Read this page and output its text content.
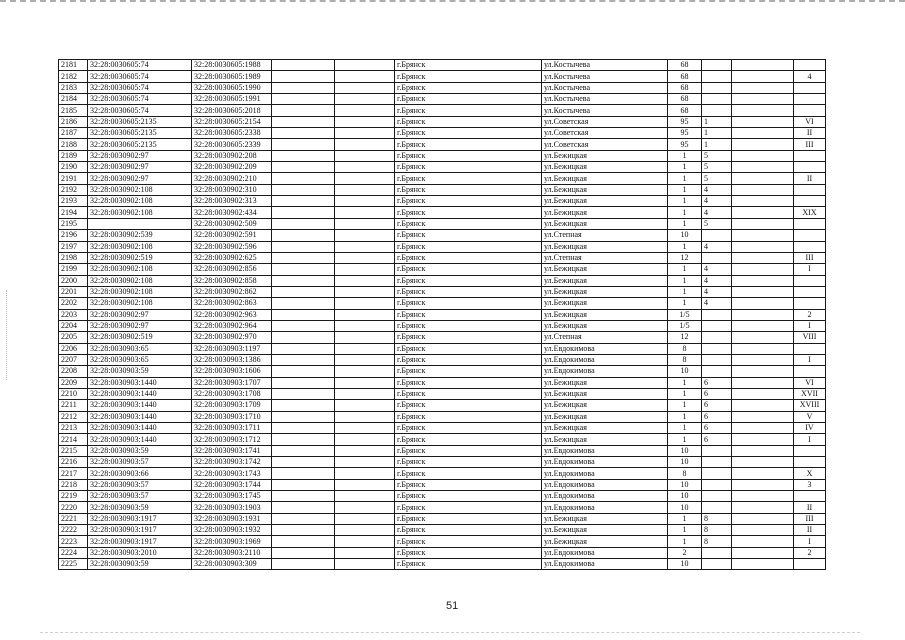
2181	32:28:0030605:74	32:28:0030605:1988			г.Брянск	ул.Костычева	68			
2182	32:28:0030605:74	32:28:0030605:1989			г.Брянск	ул.Костычева	68			4
2183	32:28:0030605:74	32:28:0030605:1990			г.Брянск	ул.Костычева	68			
2184	32:28:0030605:74	32:28:0030605:1991			г.Брянск	ул.Костычева	68			
2185	32:28:0030605:74	32:28:0030605:2018			г.Брянск	ул.Костычева	68			
2186	32:28:0030605:2135	32:28:0030605:2154			г.Брянск	ул.Советская	95	1		VI
2187	32:28:0030605:2135	32:28:0030605:2338			г.Брянск	ул.Советская	95	1		II
2188	32:28:0030605:2135	32:28:0030605:2339			г.Брянск	ул.Советская	95	1		III
2189	32:28:0030902:97	32:28:0030902:208			г.Брянск	ул.Бежицкая	1	5		
2190	32:28:0030902:97	32:28:0030902:209			г.Брянск	ул.Бежицкая	1	5		
2191	32:28:0030902:97	32:28:0030902:210			г.Брянск	ул.Бежицкая	1	5		II
2192	32:28:0030902:108	32:28:0030902:310			г.Брянск	ул.Бежицкая	1	4		
2193	32:28:0030902:108	32:28:0030902:313			г.Брянск	ул.Бежицкая	1	4		
2194	32:28:0030902:108	32:28:0030902:434			г.Брянск	ул.Бежицкая	1	4		XIX
2195		32:28:0030902:509			г.Брянск	ул.Бежицкая	1	5		
2196	32:28:0030902:539	32:28:0030902:591			г.Брянск	ул.Степная	10			
2197	32:28:0030902:108	32:28:0030902:596			г.Брянск	ул.Бежицкая	1	4		
2198	32:28:0030902:519	32:28:0030902:625			г.Брянск	ул.Степная	12			III
2199	32:28:0030902:108	32:28:0030902:856			г.Брянск	ул.Бежицкая	1	4		I
2200	32:28:0030902:108	32:28:0030902:858			г.Брянск	ул.Бежицкая	1	4		
2201	32:28:0030902:108	32:28:0030902:862			г.Брянск	ул.Бежицкая	1	4		
2202	32:28:0030902:108	32:28:0030902:863			г.Брянск	ул.Бежицкая	1	4		
2203	32:28:0030902:97	32:28:0030902:963			г.Брянск	ул.Бежицкая	1/5			2
2204	32:28:0030902:97	32:28:0030902:964			г.Брянск	ул.Бежицкая	1/5			I
2205	32:28:0030902:519	32:28:0030902:970			г.Брянск	ул.Степная	12			VIII
2206	32:28:0030903:65	32:28:0030903:1197			г.Брянск	ул.Евдокимова	8			
2207	32:28:0030903:65	32:28:0030903:1386			г.Брянск	ул.Евдокимова	8			I
2208	32:28:0030903:59	32:28:0030903:1606			г.Брянск	ул.Евдокимова	10			
2209	32:28:0030903:1440	32:28:0030903:1707			г.Брянск	ул.Бежицкая	1	6		VI
2210	32:28:0030903:1440	32:28:0030903:1708			г.Брянск	ул.Бежицкая	1	6		XVII
2211	32:28:0030903:1440	32:28:0030903:1709			г.Брянск	ул.Бежицкая	1	6		XVIII
2212	32:28:0030903:1440	32:28:0030903:1710			г.Брянск	ул.Бежицкая	1	6		V
2213	32:28:0030903:1440	32:28:0030903:1711			г.Брянск	ул.Бежицкая	1	6		IV
2214	32:28:0030903:1440	32:28:0030903:1712			г.Брянск	ул.Бежицкая	1	6		I
2215	32:28:0030903:59	32:28:0030903:1741			г.Брянск	ул.Евдокимова	10			
2216	32:28:0030903:57	32:28:0030903:1742			г.Брянск	ул.Евдокимова	10			
2217	32:28:0030903:66	32:28:0030903:1743			г.Брянск	ул.Евдокимова	8			X
2218	32:28:0030903:57	32:28:0030903:1744			г.Брянск	ул.Евдокимова	10			3
2219	32:28:0030903:57	32:28:0030903:1745			г.Брянск	ул.Евдокимова	10			
2220	32:28:0030903:59	32:28:0030903:1903			г.Брянск	ул.Евдокимова	10			II
2221	32:28:0030903:1917	32:28:0030903:1931			г.Брянск	ул.Бежицкая	1	8		III
2222	32:28:0030903:1917	32:28:0030903:1932			г.Брянск	ул.Бежицкая	1	8		II
2223	32:28:0030903:1917	32:28:0030903:1969			г.Брянск	ул.Бежицкая	1	8		I
2224	32:28:0030903:2010	32:28:0030903:2110			г.Брянск	ул.Евдокимова	2			2
2225	32:28:0030903:59	32:28:0030903:309			г.Брянск	ул.Евдокимова	10			
51
